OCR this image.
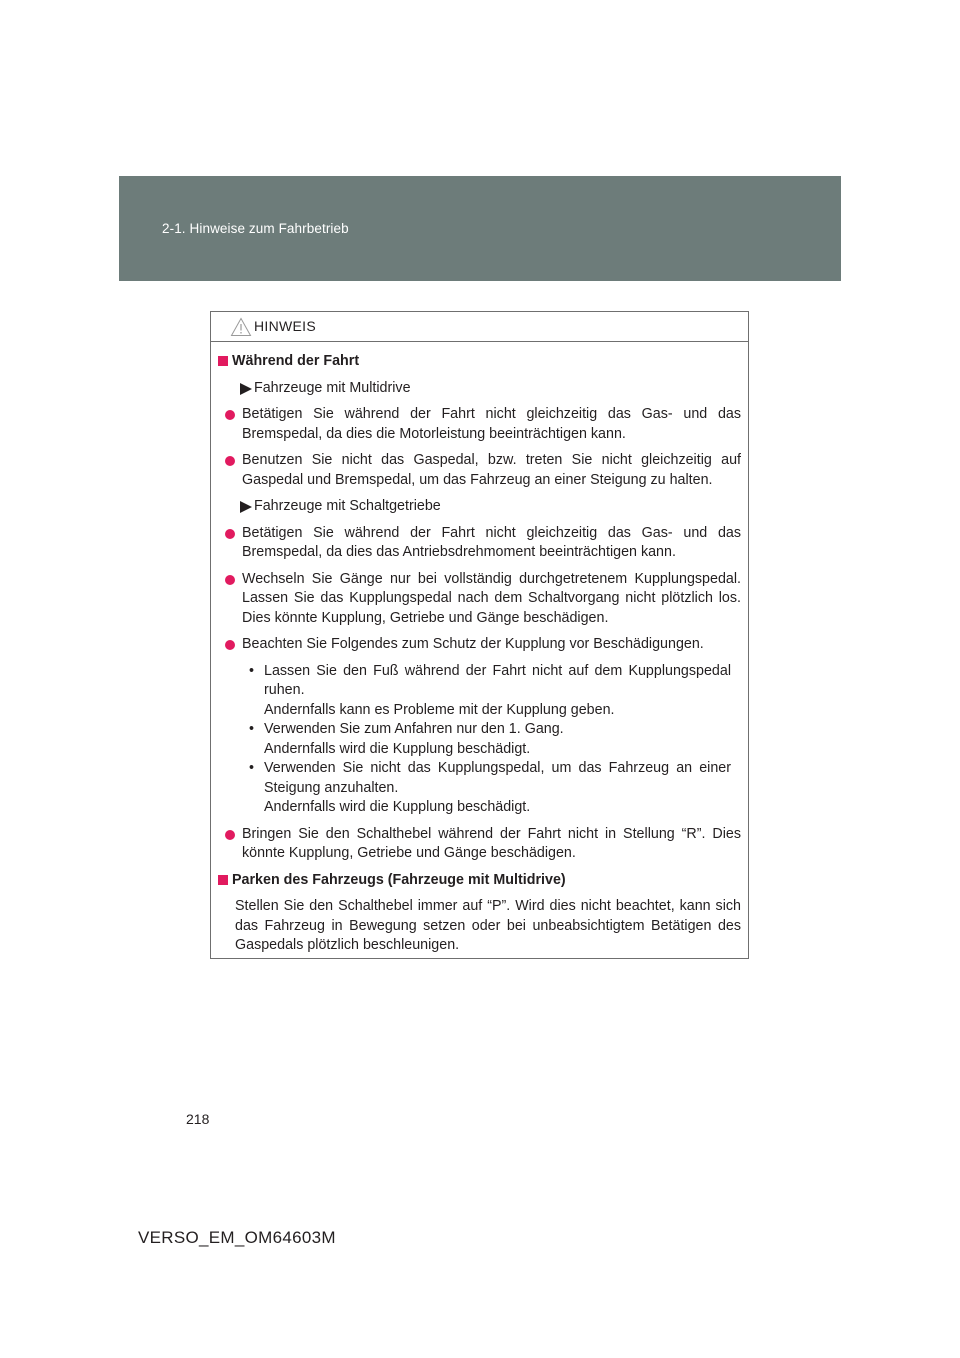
2-1. Hinweise zum Fahrbetrieb
HINWEIS
Während der Fahrt
Fahrzeuge mit Multidrive
Betätigen Sie während der Fahrt nicht gleichzeitig das Gas- und das Bremspedal, da dies die Motorleistung beeinträchtigen kann.
Benutzen Sie nicht das Gaspedal, bzw. treten Sie nicht gleichzeitig auf Gaspedal und Bremspedal, um das Fahrzeug an einer Steigung zu halten.
Fahrzeuge mit Schaltgetriebe
Betätigen Sie während der Fahrt nicht gleichzeitig das Gas- und das Bremspedal, da dies das Antriebsdrehmoment beeinträchtigen kann.
Wechseln Sie Gänge nur bei vollständig durchgetretenem Kupplungspedal. Lassen Sie das Kupplungspedal nach dem Schaltvorgang nicht plötzlich los. Dies könnte Kupplung, Getriebe und Gänge beschädigen.
Beachten Sie Folgendes zum Schutz der Kupplung vor Beschädigungen.
• Lassen Sie den Fuß während der Fahrt nicht auf dem Kupplungspedal ruhen.
Andernfalls kann es Probleme mit der Kupplung geben.
• Verwenden Sie zum Anfahren nur den 1. Gang.
Andernfalls wird die Kupplung beschädigt.
• Verwenden Sie nicht das Kupplungspedal, um das Fahrzeug an einer Steigung anzuhalten.
Andernfalls wird die Kupplung beschädigt.
Bringen Sie den Schalthebel während der Fahrt nicht in Stellung “R”. Dies könnte Kupplung, Getriebe und Gänge beschädigen.
Parken des Fahrzeugs (Fahrzeuge mit Multidrive)
Stellen Sie den Schalthebel immer auf “P”. Wird dies nicht beachtet, kann sich das Fahrzeug in Bewegung setzen oder bei unbeabsichtigtem Betätigen des Gaspedals plötzlich beschleunigen.
218
VERSO_EM_OM64603M
